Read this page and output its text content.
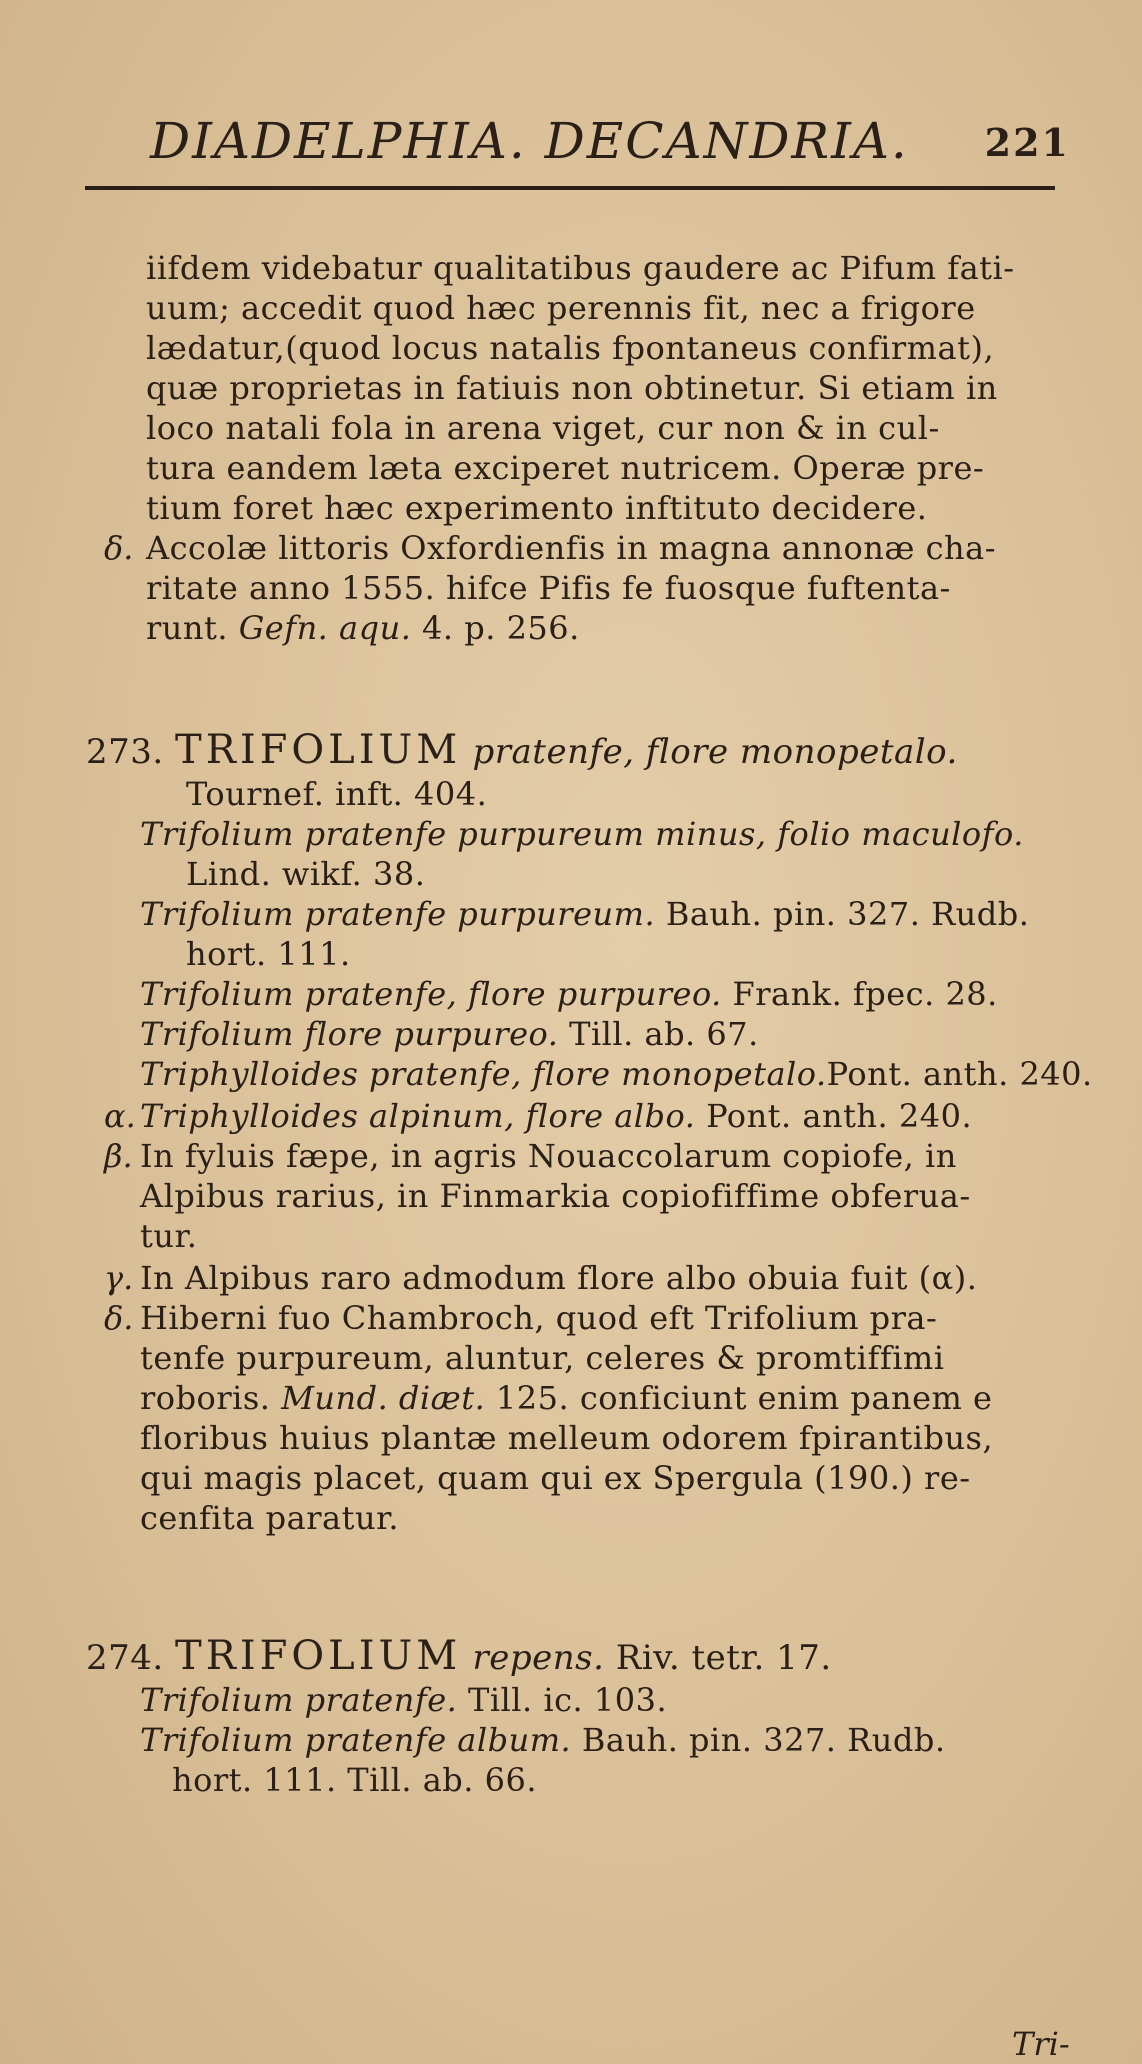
DIADELPHIA. DECANDRIA. 221
iifdem videbatur qualitatibus gaudere ac Pifum fati-
uum; accedit quod hæc perennis fit, nec a frigore
lædatur,(quod locus natalis fpontaneus confirmat),
quæ proprietas in fatiuis non obtinetur. Si etiam in
loco natali fola in arena viget, cur non & in cul-
tura eandem læta exciperet nutricem. Operæ pre-
tium foret hæc experimento inftituto decidere.
δ. Accolæ littoris Oxfordienfis in magna annonæ cha-
ritate anno 1555. hifce Pifis fe fuosque fuftenta-
runt. Gefn. aqu. 4. p. 256.
273. TRIFOLIUM pratenfe, flore monopetalo.
Tournef. inft. 404.
Trifolium pratenfe purpureum minus, folio maculofo.
Lind. wikf. 38.
Trifolium pratenfe purpureum. Bauh. pin. 327. Rudb.
hort. 111.
Trifolium pratenfe, flore purpureo. Frank. fpec. 28.
Trifolium flore purpureo. Till. ab. 67.
Triphylloides pratenfe, flore monopetalo.Pont. anth. 240.
α. Triphylloides alpinum, flore albo. Pont. anth. 240.
β. In fyluis fæpe, in agris Nouaccolarum copiofe, in
Alpibus rarius, in Finmarkia copiofiffime obferua-
tur.
γ. In Alpibus raro admodum flore albo obuia fuit (α).
δ. Hiberni fuo Chambroch, quod eft Trifolium pra-
tenfe purpureum, aluntur, celeres & promtiffimi
roboris. Mund. diæt. 125. conficiunt enim panem e
floribus huius plantæ melleum odorem fpirantibus,
qui magis placet, quam qui ex Spergula (190.) re-
cenfita paratur.
274. TRIFOLIUM repens. Riv. tetr. 17.
Trifolium pratenfe. Till. ic. 103.
Trifolium pratenfe album. Bauh. pin. 327. Rudb.
hort. 111. Till. ab. 66.
Tri-
